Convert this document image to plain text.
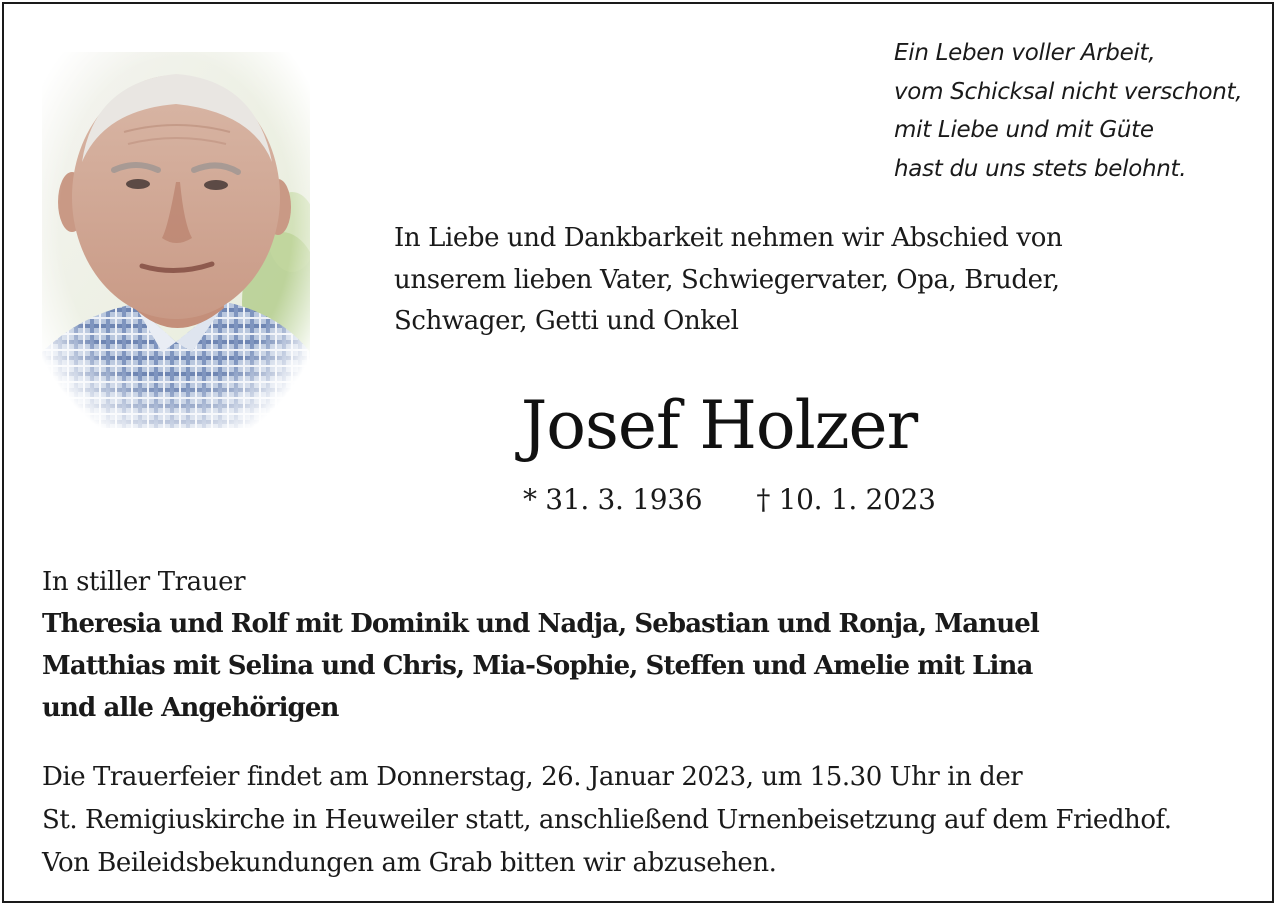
Ein Leben voller Arbeit,
vom Schicksal nicht verschont,
mit Liebe und mit Güte
hast du uns stets belohnt.
In Liebe und Dankbarkeit nehmen wir Abschied von
unserem lieben Vater, Schwiegervater, Opa, Bruder,
Schwager, Getti und Onkel
Josef Holzer
* 31. 3. 1936 † 10. 1. 2023
In stiller Trauer
Theresia und Rolf mit Dominik und Nadja, Sebastian und Ronja, Manuel
Matthias mit Selina und Chris, Mia-Sophie, Steffen und Amelie mit Lina
und alle Angehörigen
Die Trauerfeier findet am Donnerstag, 26. Januar 2023, um 15.30 Uhr in der
St. Remigiuskirche in Heuweiler statt, anschließend Urnenbeisetzung auf dem Friedhof.
Von Beileidsbekundungen am Grab bitten wir abzusehen.
